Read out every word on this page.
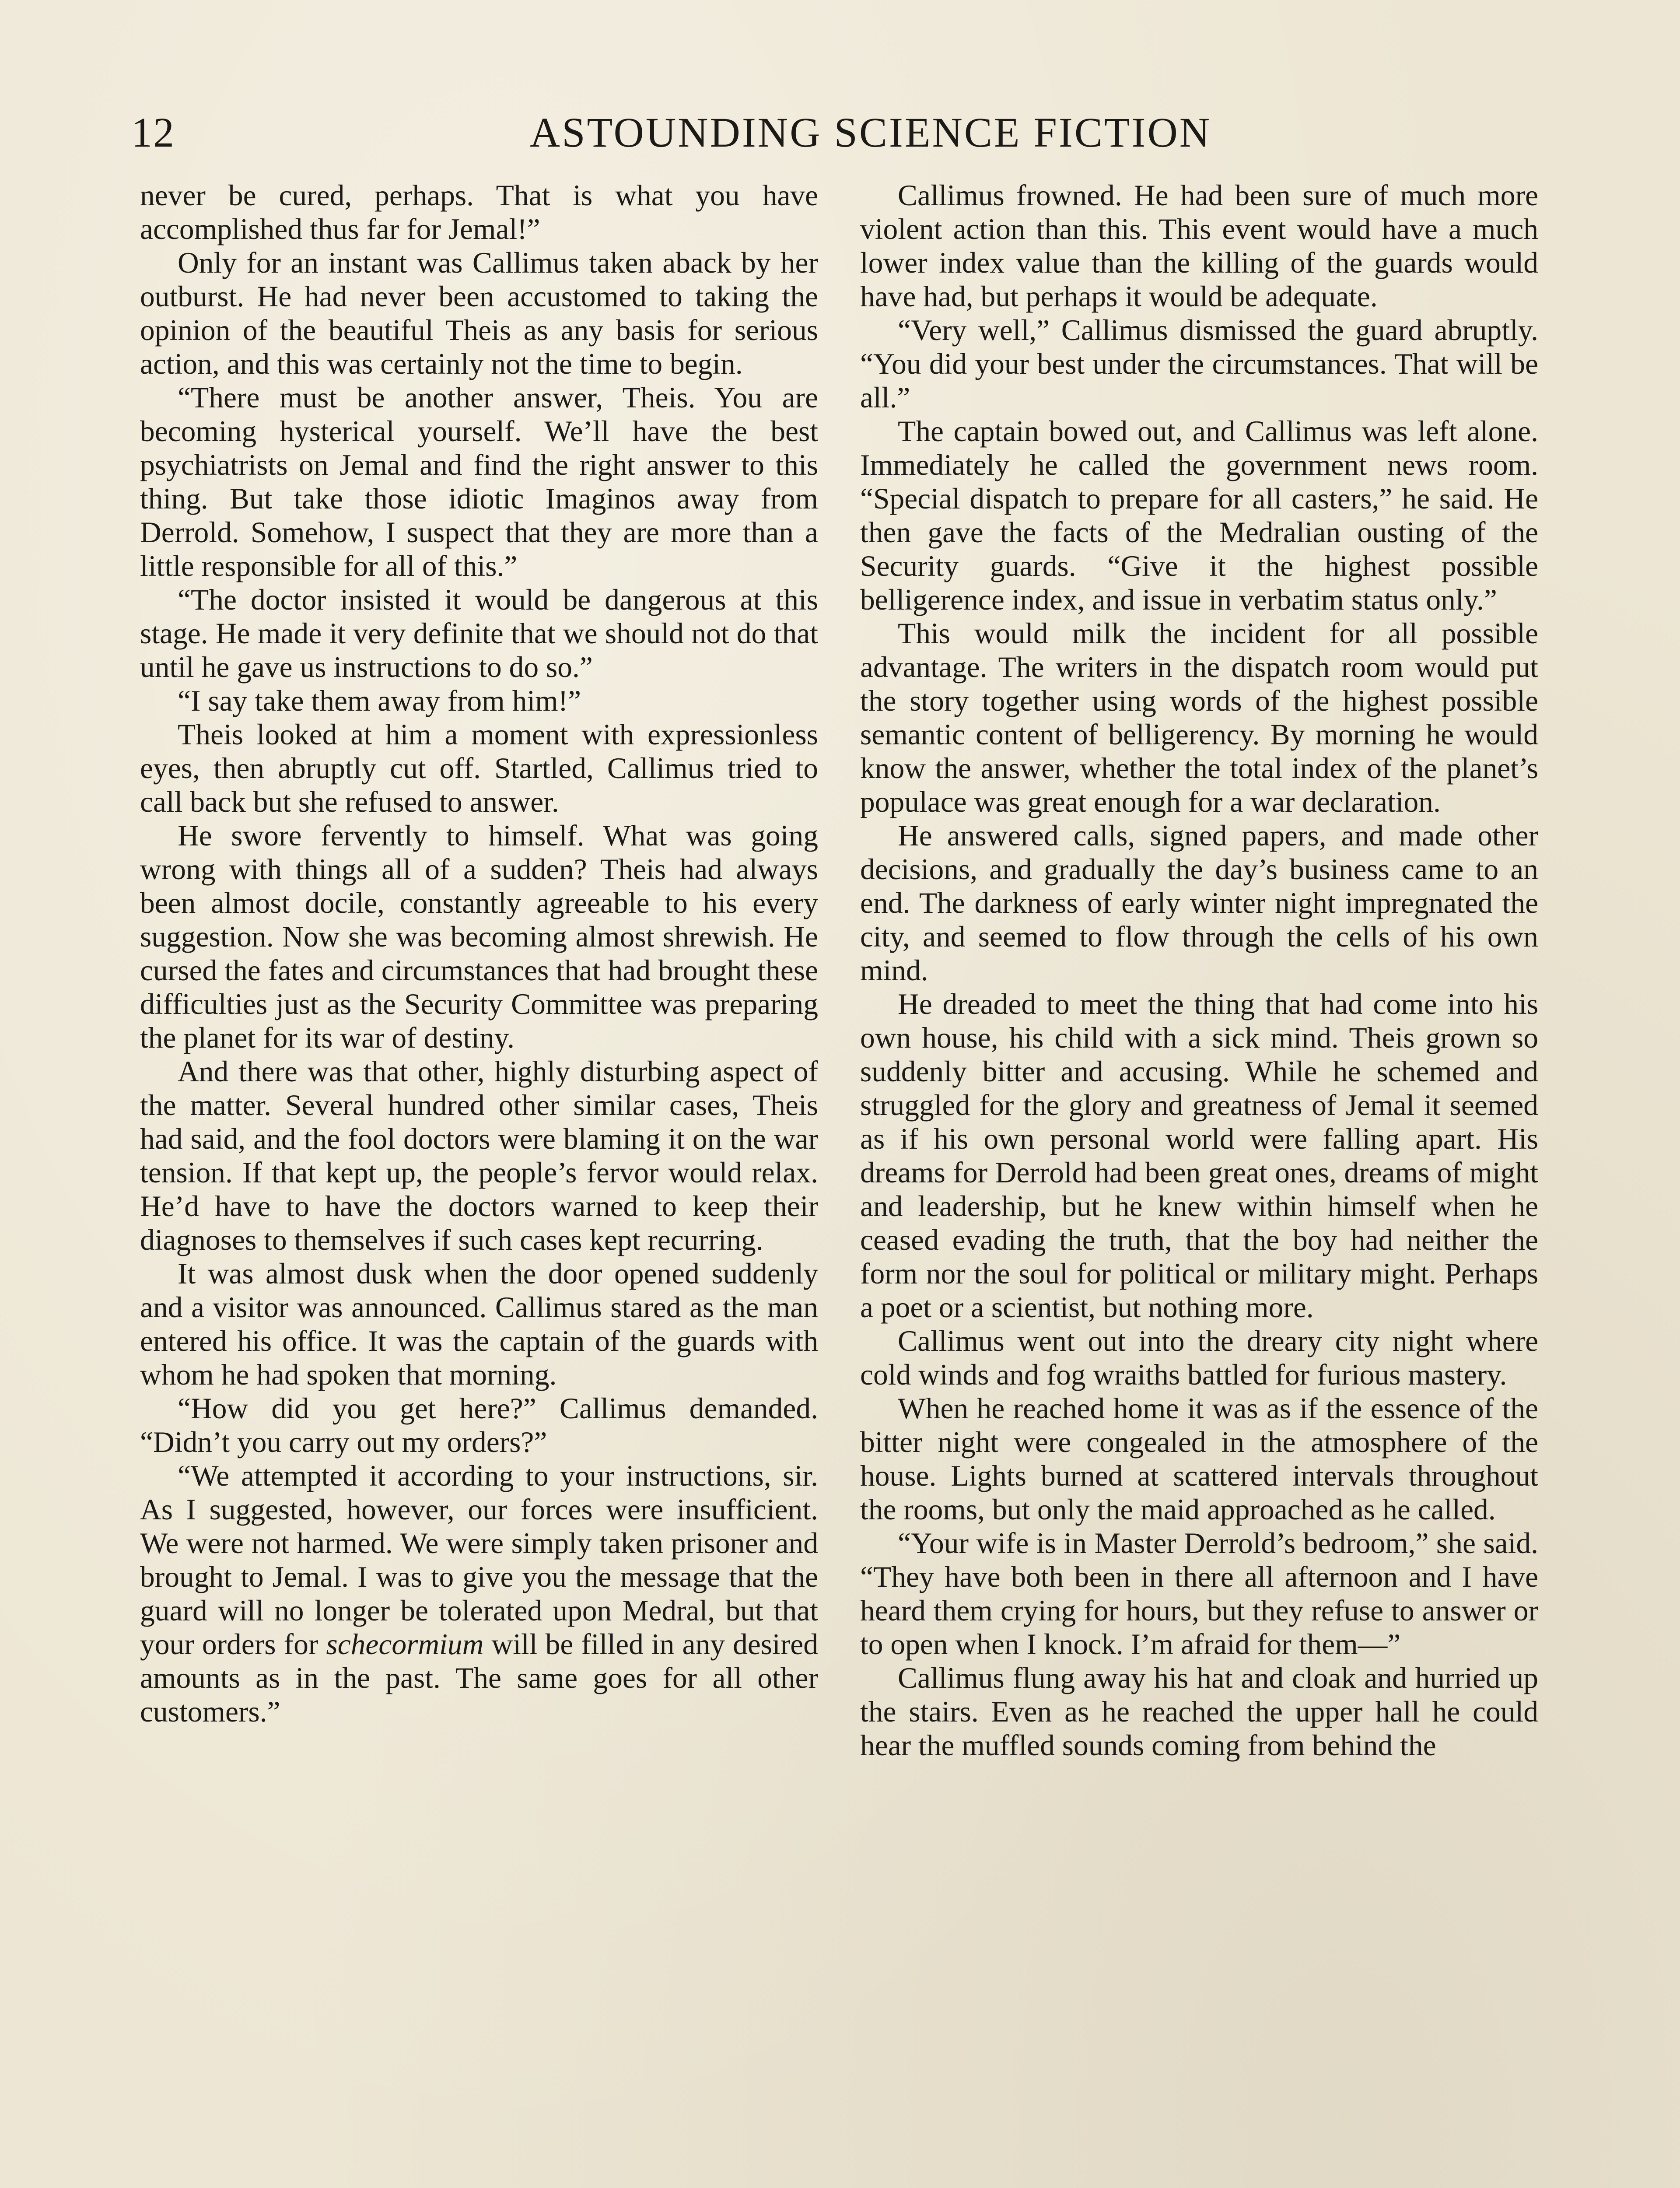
12	ASTOUNDING SCIENCE FICTION

never be cured, perhaps. That is what you have accomplished thus far for Jemal!”

Only for an instant was Callimus taken aback by her outburst. He had never been accustomed to taking the opinion of the beautiful Theis as any basis for serious action, and this was certainly not the time to begin.

“There must be another answer, Theis. You are becoming hysterical yourself. We’ll have the best psychiatrists on Jemal and find the right answer to this thing. But take those idiotic Imaginos away from Derrold. Somehow, I suspect that they are more than a little responsible for all of this.”

“The doctor insisted it would be dangerous at this stage. He made it very definite that we should not do that until he gave us instructions to do so.”

“I say take them away from him!”

Theis looked at him a moment with expressionless eyes, then abruptly cut off. Startled, Callimus tried to call back but she refused to answer.

He swore fervently to himself. What was going wrong with things all of a sudden? Theis had always been almost docile, constantly agreeable to his every suggestion. Now she was becoming almost shrewish. He cursed the fates and circumstances that had brought these difficulties just as the Security Committee was preparing the planet for its war of destiny.

And there was that other, highly disturbing aspect of the matter. Several hundred other similar cases, Theis had said, and the fool doctors were blaming it on the war tension. If that kept up, the people’s fervor would relax. He’d have to have the doctors warned to keep their diagnoses to themselves if such cases kept recurring.

It was almost dusk when the door opened suddenly and a visitor was announced. Callimus stared as the man entered his office. It was the captain of the guards with whom he had spoken that morning.

“How did you get here?” Callimus demanded. “Didn’t you carry out my orders?”

“We attempted it according to your instructions, sir. As I suggested, however, our forces were insufficient. We were not harmed. We were simply taken prisoner and brought to Jemal. I was to give you the message that the guard will no longer be tolerated upon Medral, but that your orders for schecormium will be filled in any desired amounts as in the past. The same goes for all other customers.”

Callimus frowned. He had been sure of much more violent action than this. This event would have a much lower index value than the killing of the guards would have had, but perhaps it would be adequate.

“Very well,” Callimus dismissed the guard abruptly. “You did your best under the circumstances. That will be all.”

The captain bowed out, and Callimus was left alone. Immediately he called the government news room. “Special dispatch to prepare for all casters,” he said. He then gave the facts of the Medralian ousting of the Security guards. “Give it the highest possible belligerence index, and issue in verbatim status only.”

This would milk the incident for all possible advantage. The writers in the dispatch room would put the story together using words of the highest possible semantic content of belligerency. By morning he would know the answer, whether the total index of the planet’s populace was great enough for a war declaration.

He answered calls, signed papers, and made other decisions, and gradually the day’s business came to an end. The darkness of early winter night impregnated the city, and seemed to flow through the cells of his own mind.

He dreaded to meet the thing that had come into his own house, his child with a sick mind. Theis grown so suddenly bitter and accusing. While he schemed and struggled for the glory and greatness of Jemal it seemed as if his own personal world were falling apart. His dreams for Derrold had been great ones, dreams of might and leadership, but he knew within himself when he ceased evading the truth, that the boy had neither the form nor the soul for political or military might. Perhaps a poet or a scientist, but nothing more.

Callimus went out into the dreary city night where cold winds and fog wraiths battled for furious mastery.

When he reached home it was as if the essence of the bitter night were congealed in the atmosphere of the house. Lights burned at scattered intervals throughout the rooms, but only the maid approached as he called.

“Your wife is in Master Derrold’s bedroom,” she said. “They have both been in there all afternoon and I have heard them crying for hours, but they refuse to answer or to open when I knock. I’m afraid for them—”

Callimus flung away his hat and cloak and hurried up the stairs. Even as he reached the upper hall he could hear the muffled sounds coming from behind the
